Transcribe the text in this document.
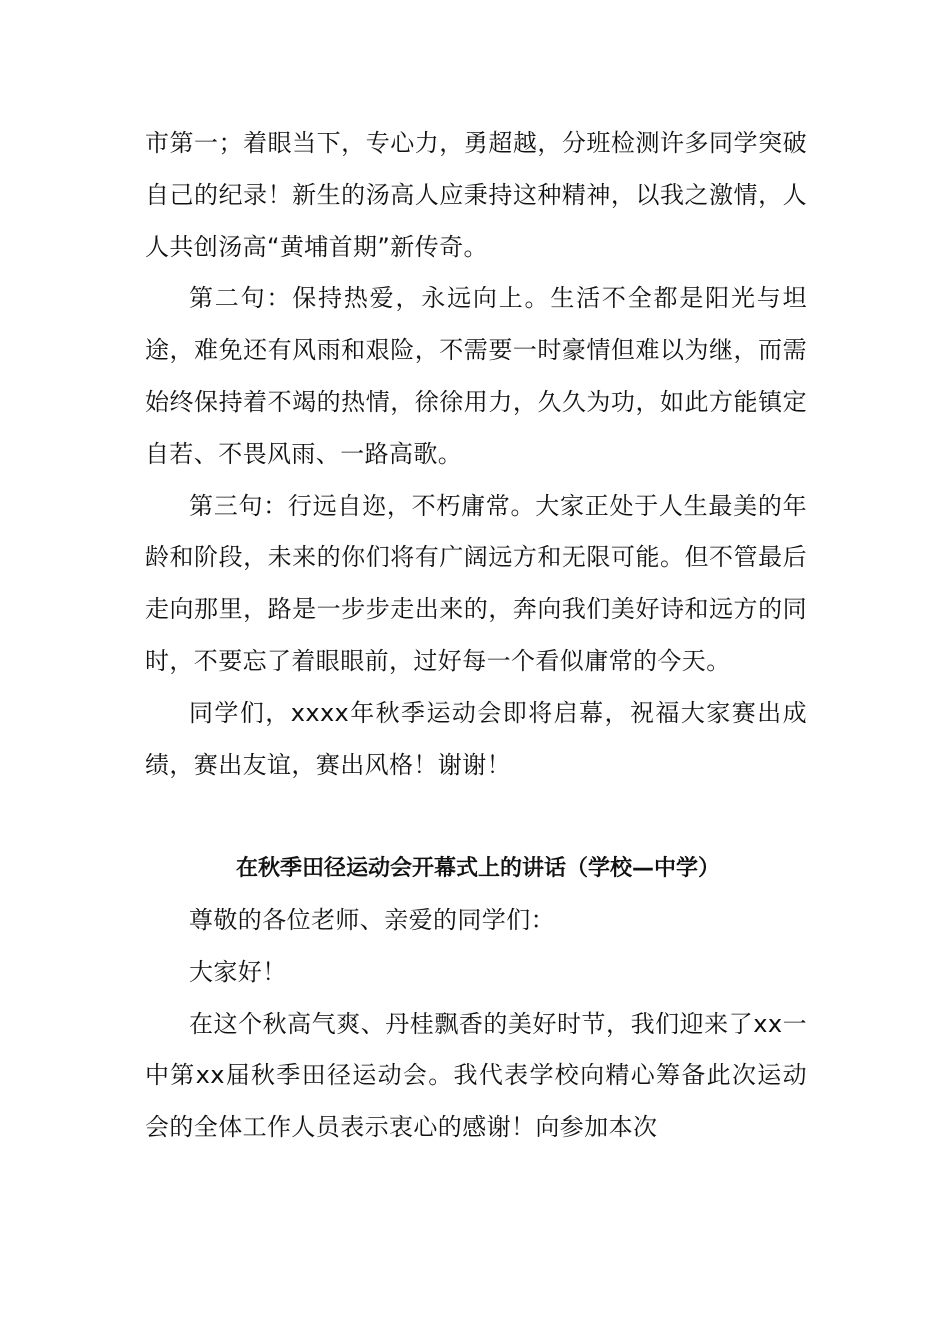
市第一；着眼当下，专心力，勇超越，分班检测许多同学突破自己的纪录！新生的汤高人应秉持这种精神，以我之激情，人人共创汤高“黄埔首期”新传奇。

第二句：保持热爱，永远向上。生活不全都是阳光与坦途，难免还有风雨和艰险，不需要一时豪情但难以为继，而需始终保持着不竭的热情，徐徐用力，久久为功，如此方能镇定自若、不畏风雨、一路高歌。

第三句：行远自迩，不朽庸常。大家正处于人生最美的年龄和阶段，未来的你们将有广阔远方和无限可能。但不管最后走向那里，路是一步步走出来的，奔向我们美好诗和远方的同时，不要忘了着眼眼前，过好每一个看似庸常的今天。

同学们，xxxx年秋季运动会即将启幕，祝福大家赛出成绩，赛出友谊，赛出风格！谢谢！

在秋季田径运动会开幕式上的讲话（学校—中学）

尊敬的各位老师、亲爱的同学们：

大家好！

在这个秋高气爽、丹桂飘香的美好时节，我们迎来了xx一中第xx届秋季田径运动会。我代表学校向精心筹备此次运动会的全体工作人员表示衷心的感谢！向参加本次
